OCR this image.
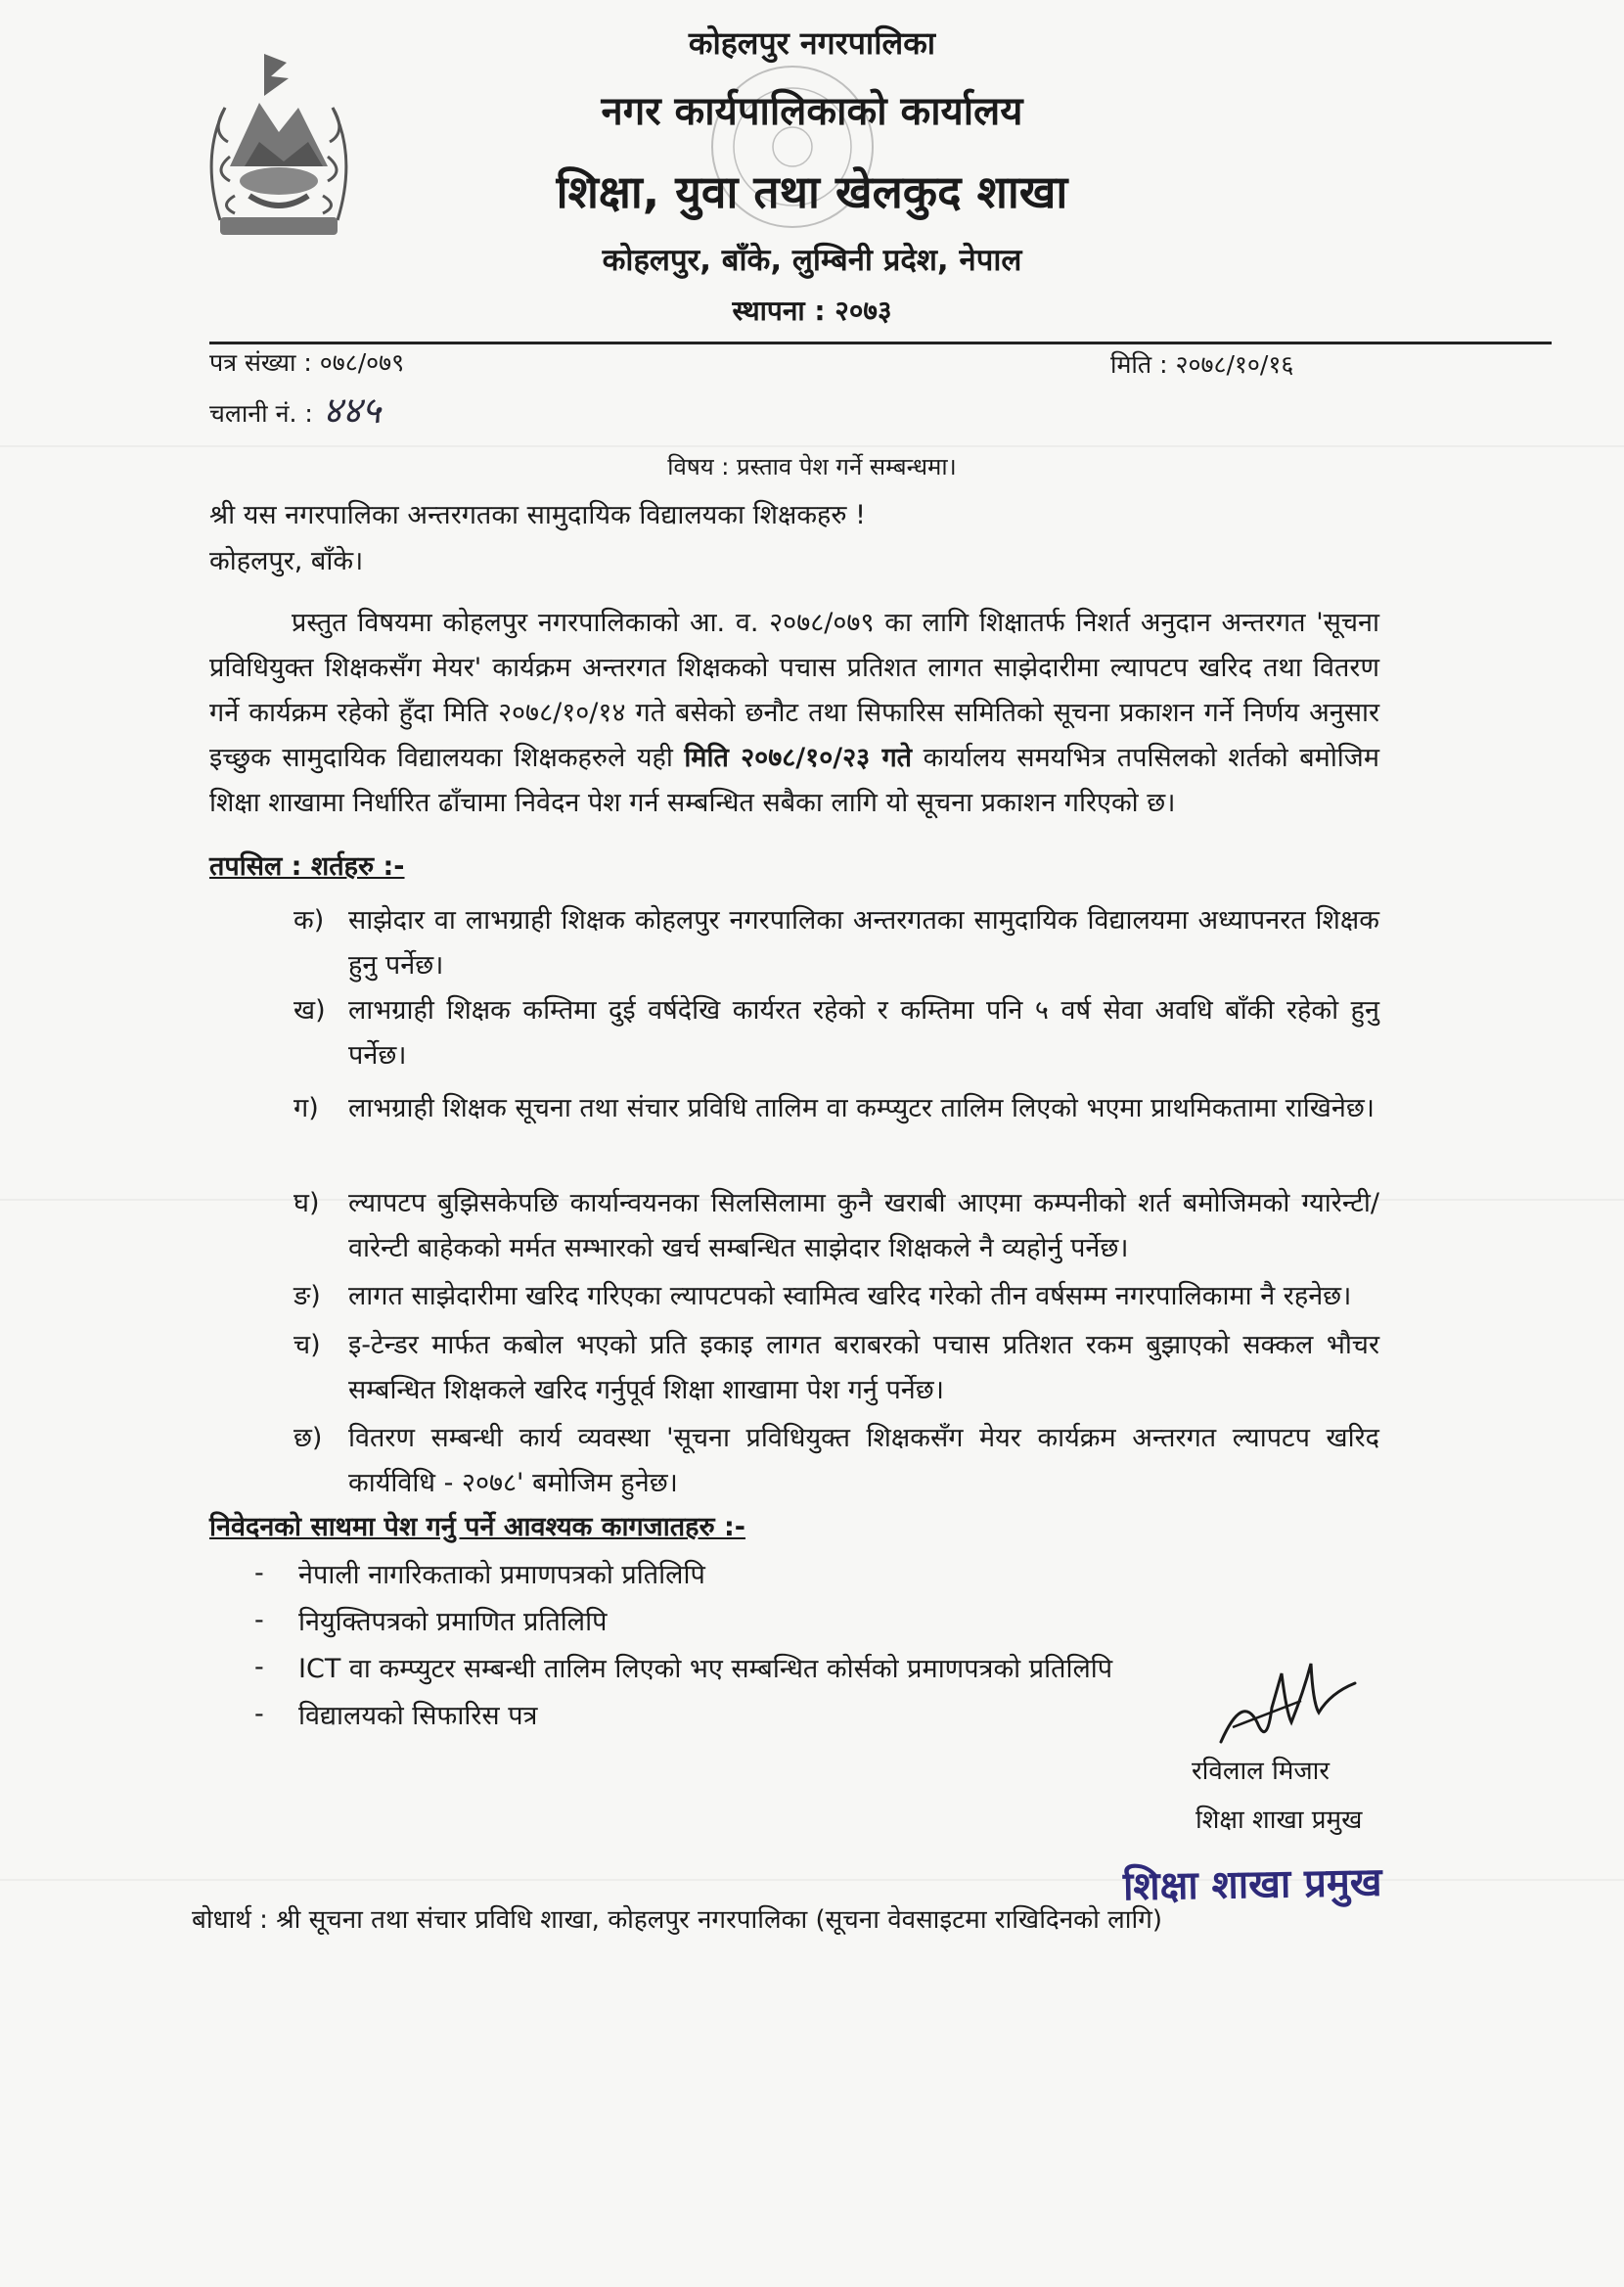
कोहलपुर नगरपालिका
नगर कार्यपालिकाको कार्यालय
शिक्षा, युवा तथा खेलकुद शाखा
कोहलपुर, बाँके, लुम्बिनी प्रदेश, नेपाल
स्थापना : २०७३
पत्र संख्या : ०७८/०७९	मिति : २०७८/१०/१६
चलानी नं. : ४४५
विषय : प्रस्ताव पेश गर्ने सम्बन्धमा।
श्री यस नगरपालिका अन्तरगतका सामुदायिक विद्यालयका शिक्षकहरु !
कोहलपुर, बाँके।
प्रस्तुत विषयमा कोहलपुर नगरपालिकाको आ. व. २०७८/०७९ का लागि शिक्षातर्फ निशर्त अनुदान अन्तरगत 'सूचना प्रविधियुक्त शिक्षकसँग मेयर' कार्यक्रम अन्तरगत शिक्षकको पचास प्रतिशत लागत साझेदारीमा ल्यापटप खरिद तथा वितरण गर्ने कार्यक्रम रहेको हुँदा मिति २०७८/१०/१४ गते बसेको छनौट तथा सिफारिस समितिको सूचना प्रकाशन गर्ने निर्णय अनुसार इच्छुक सामुदायिक विद्यालयका शिक्षकहरुले यही मिति २०७८/१०/२३ गते कार्यालय समयभित्र तपसिलको शर्तको बमोजिम शिक्षा शाखामा निर्धारित ढाँचामा निवेदन पेश गर्न सम्बन्धित सबैका लागि यो सूचना प्रकाशन गरिएको छ।
तपसिल : शर्तहरु :-
क) साझेदार वा लाभग्राही शिक्षक कोहलपुर नगरपालिका अन्तरगतका सामुदायिक विद्यालयमा अध्यापनरत शिक्षक हुनु पर्नेछ।
ख) लाभग्राही शिक्षक कम्तिमा दुई वर्षदेखि कार्यरत रहेको र कम्तिमा पनि ५ वर्ष सेवा अवधि बाँकी रहेको हुनु पर्नेछ।
ग) लाभग्राही शिक्षक सूचना तथा संचार प्रविधि तालिम वा कम्प्युटर तालिम लिएको भएमा प्राथमिकतामा राखिनेछ।
घ) ल्यापटप बुझिसकेपछि कार्यान्वयनका सिलसिलामा कुनै खराबी आएमा कम्पनीको शर्त बमोजिमको ग्यारेन्टी/वारेन्टी बाहेकको मर्मत सम्भारको खर्च सम्बन्धित साझेदार शिक्षकले नै व्यहोर्नु पर्नेछ।
ङ) लागत साझेदारीमा खरिद गरिएका ल्यापटपको स्वामित्व खरिद गरेको तीन वर्षसम्म नगरपालिकामा नै रहनेछ।
च) इ-टेन्डर मार्फत कबोल भएको प्रति इकाइ लागत बराबरको पचास प्रतिशत रकम बुझाएको सक्कल भौचर सम्बन्धित शिक्षकले खरिद गर्नुपूर्व शिक्षा शाखामा पेश गर्नु पर्नेछ।
छ) वितरण सम्बन्धी कार्य व्यवस्था 'सूचना प्रविधियुक्त शिक्षकसँग मेयर कार्यक्रम अन्तरगत ल्यापटप खरिद कार्यविधि - २०७८' बमोजिम हुनेछ।
निवेदनको साथमा पेश गर्नु पर्ने आवश्यक कागजातहरु :-
- नेपाली नागरिकताको प्रमाणपत्रको प्रतिलिपि
- नियुक्तिपत्रको प्रमाणित प्रतिलिपि
- ICT वा कम्प्युटर सम्बन्धी तालिम लिएको भए सम्बन्धित कोर्सको प्रमाणपत्रको प्रतिलिपि
- विद्यालयको सिफारिस पत्र
रविलाल मिजार
शिक्षा शाखा प्रमुख
शिक्षा शाखा प्रमुख
बोधार्थ : श्री सूचना तथा संचार प्रविधि शाखा, कोहलपुर नगरपालिका (सूचना वेवसाइटमा राखिदिनको लागि)
